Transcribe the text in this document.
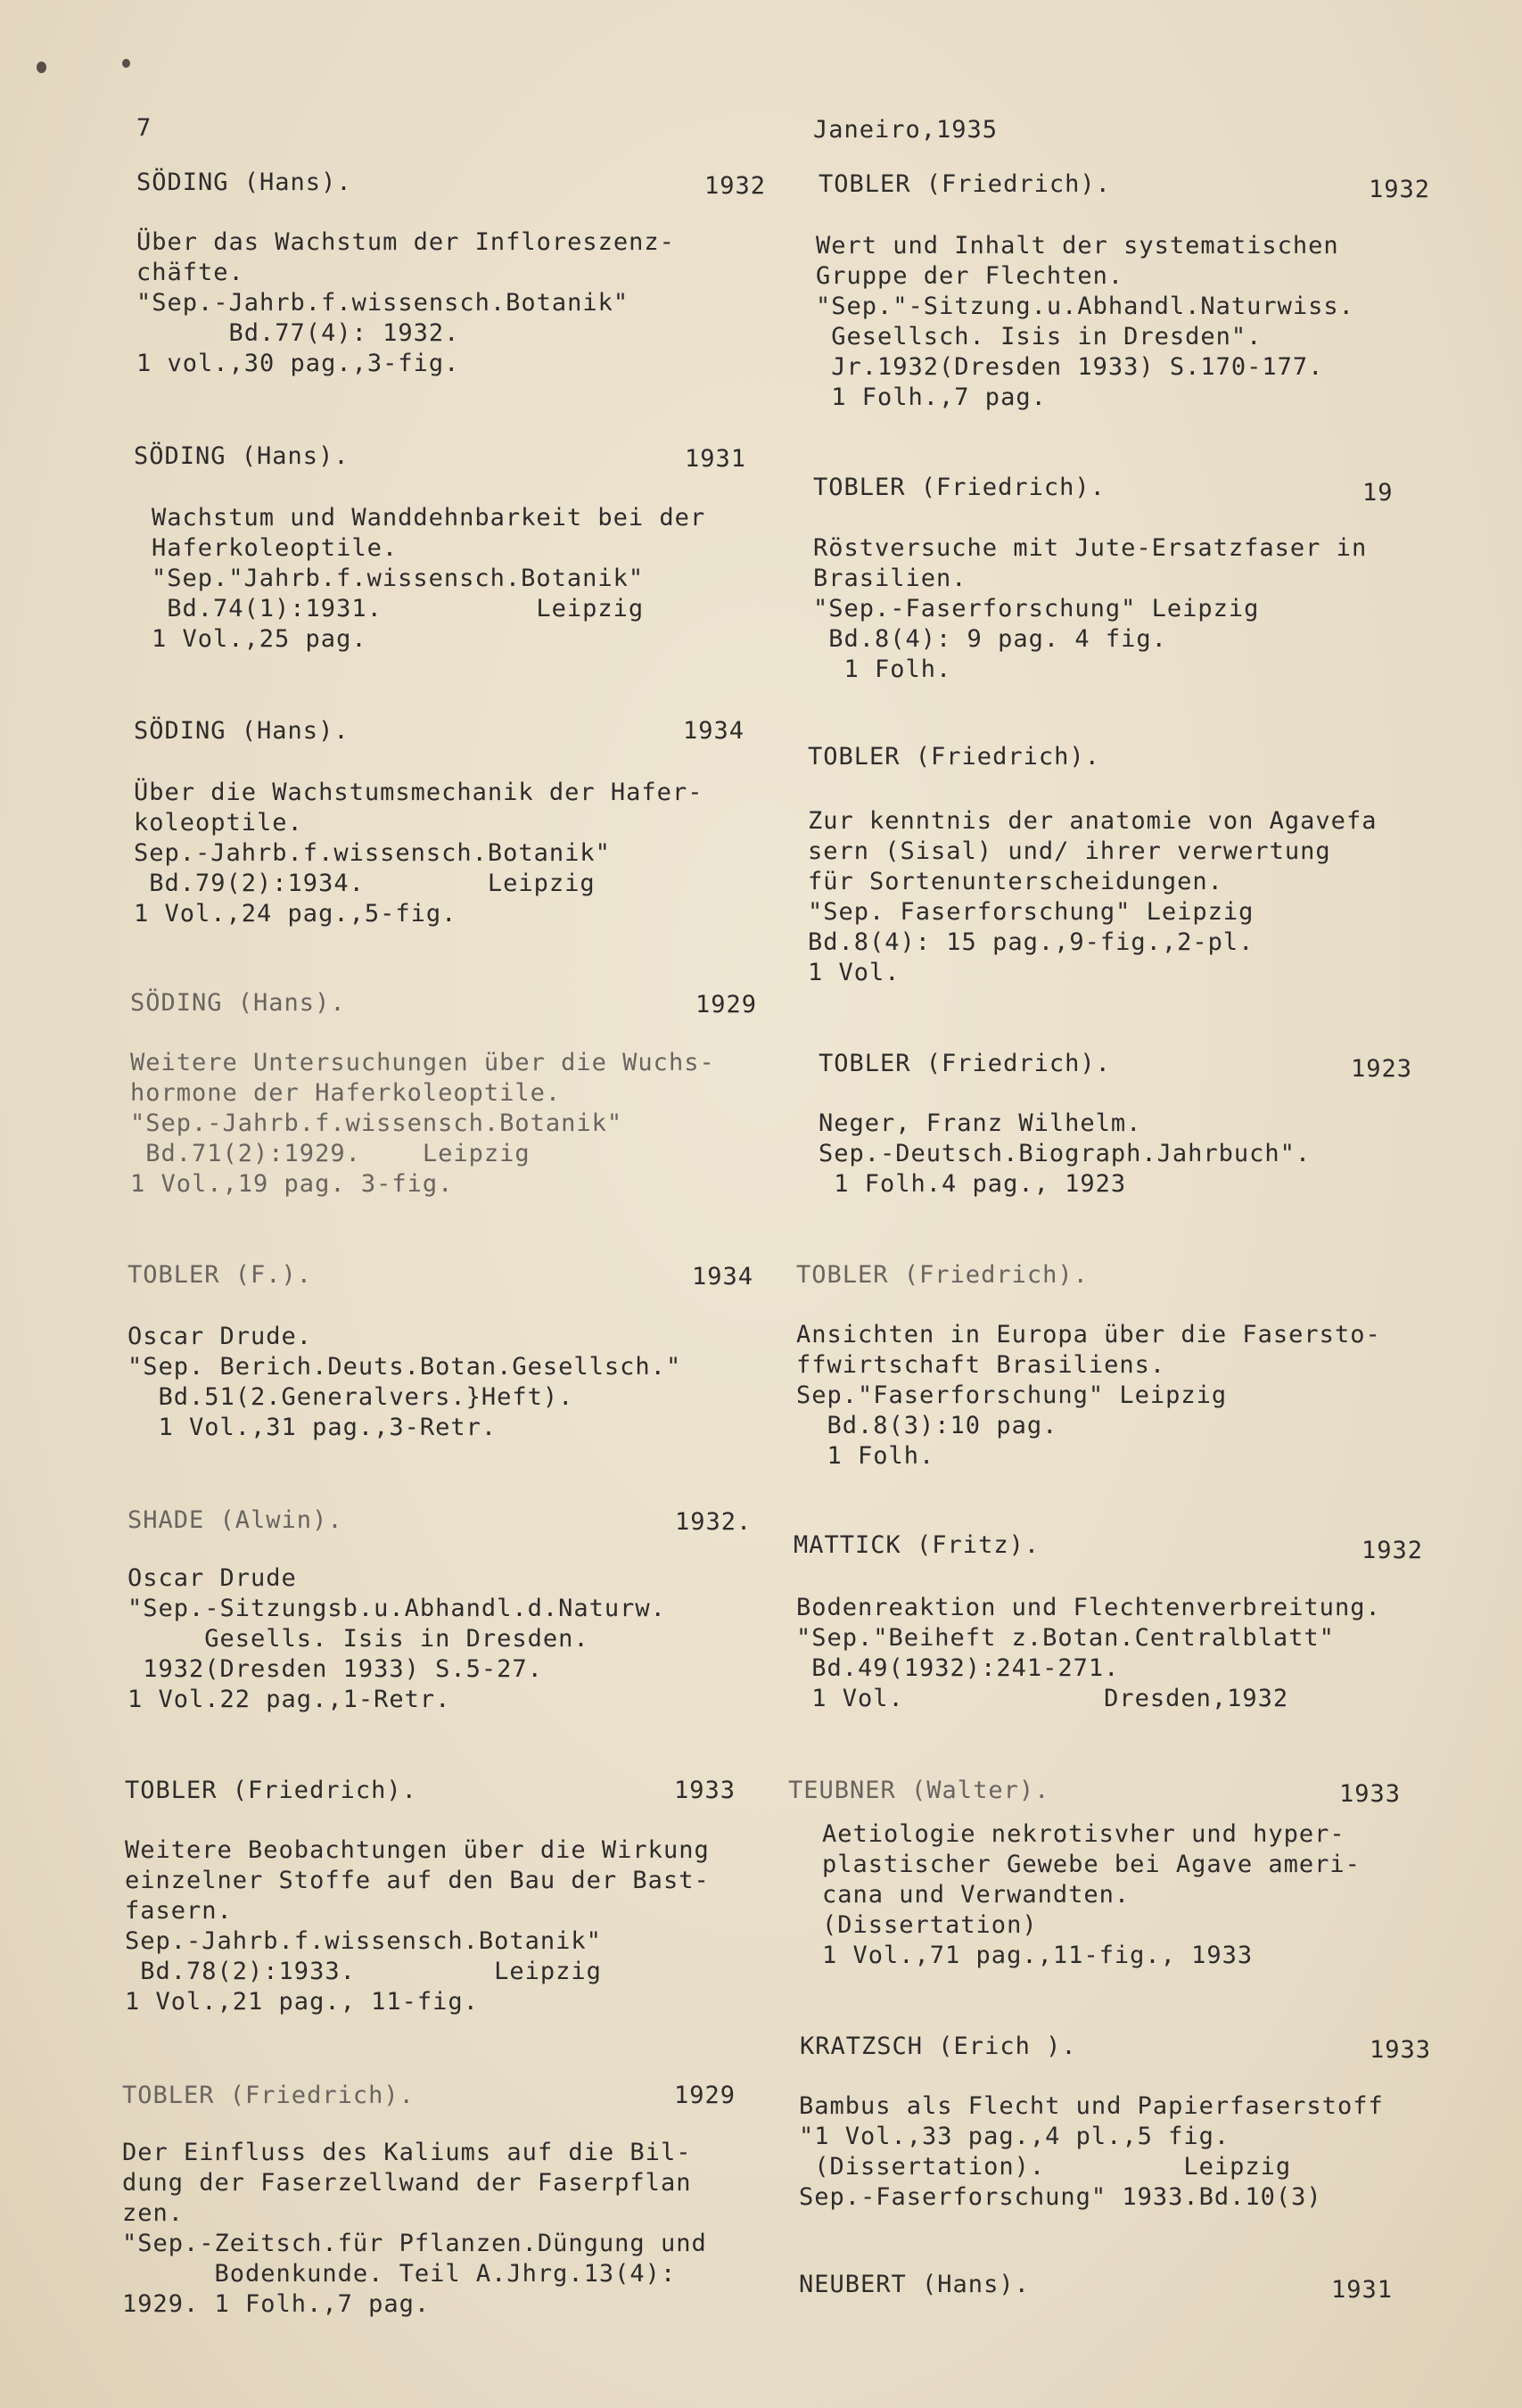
7	Janeiro,1935
SÖDING (Hans).	1932
Über das Wachstum der Infloreszenz-
chäfte.
"Sep.-Jahrb.f.wissensch.Botanik"
Bd.77(4): 1932.
1 vol.,30 pag.,3-fig.
SÖDING (Hans).	1931
Wachstum und Wanddehnbarkeit bei der
Haferkoleoptile.
"Sep."Jahrb.f.wissensch.Botanik"
Bd.74(1):1931.          Leipzig
1 Vol.,25 pag.
SÖDING (Hans).	1934
Über die Wachstumsmechanik der Hafer-
koleoptile.
Sep.-Jahrb.f.wissensch.Botanik"
Bd.79(2):1934.        Leipzig
1 Vol.,24 pag.,5-fig.
SÖDING (Hans).	1929
Weitere Untersuchungen über die Wuchs-
hormone der Haferkoleoptile.
"Sep.-Jahrb.f.wissensch.Botanik"
Bd.71(2):1929.    Leipzig
1 Vol.,19 pag. 3-fig.
TOBLER (F.).	1934
Oscar Drude.
"Sep. Berich.Deuts.Botan.Gesellsch."
Bd.51(2.Generalvers.}Heft).
1 Vol.,31 pag.,3-Retr.
SHADE (Alwin).	1932.
Oscar Drude
"Sep.-Sitzungsb.u.Abhandl.d.Naturw.
Gesells. Isis in Dresden.
1932(Dresden 1933) S.5-27.
1 Vol.22 pag.,1-Retr.
TOBLER (Friedrich).	1933
Weitere Beobachtungen über die Wirkung
einzelner Stoffe auf den Bau der Bast-
fasern.
Sep.-Jahrb.f.wissensch.Botanik"
Bd.78(2):1933.         Leipzig
1 Vol.,21 pag., 11-fig.
TOBLER (Friedrich).	1929
Der Einfluss des Kaliums auf die Bil-
dung der Faserzellwand der Faserpflan
zen.
"Sep.-Zeitsch.für Pflanzen.Düngung und
Bodenkunde. Teil A.Jhrg.13(4):
1929. 1 Folh.,7 pag.
TOBLER (Friedrich).	1932
Wert und Inhalt der systematischen
Gruppe der Flechten.
"Sep."-Sitzung.u.Abhandl.Naturwiss.
Gesellsch. Isis in Dresden".
Jr.1932(Dresden 1933) S.170-177.
1 Folh.,7 pag.
TOBLER (Friedrich).	19
Röstversuche mit Jute-Ersatzfaser in
Brasilien.
"Sep.-Faserforschung" Leipzig
Bd.8(4): 9 pag. 4 fig.
1 Folh.
TOBLER (Friedrich).
Zur kenntnis der anatomie von Agavefa
sern (Sisal) und/ ihrer verwertung
für Sortenunterscheidungen.
"Sep. Faserforschung" Leipzig
Bd.8(4): 15 pag.,9-fig.,2-pl.
1 Vol.
TOBLER (Friedrich).	1923
Neger, Franz Wilhelm.
Sep.-Deutsch.Biograph.Jahrbuch".
1 Folh.4 pag., 1923
TOBLER (Friedrich).
Ansichten in Europa über die Fasersto-
ffwirtschaft Brasiliens.
Sep."Faserforschung" Leipzig
Bd.8(3):10 pag.
1 Folh.
MATTICK (Fritz).	1932
Bodenreaktion und Flechtenverbreitung.
"Sep."Beiheft z.Botan.Centralblatt"
Bd.49(1932):241-271.
1 Vol.             Dresden,1932
TEUBNER (Walter).	1933
Aetiologie nekrotisvher und hyper-
plastischer Gewebe bei Agave ameri-
cana und Verwandten.
(Dissertation)
1 Vol.,71 pag.,11-fig., 1933
KRATZSCH (Erich ).	1933
Bambus als Flecht und Papierfaserstoff
"1 Vol.,33 pag.,4 pl.,5 fig.
(Dissertation).         Leipzig
Sep.-Faserforschung" 1933.Bd.10(3)
NEUBERT (Hans).	1931
